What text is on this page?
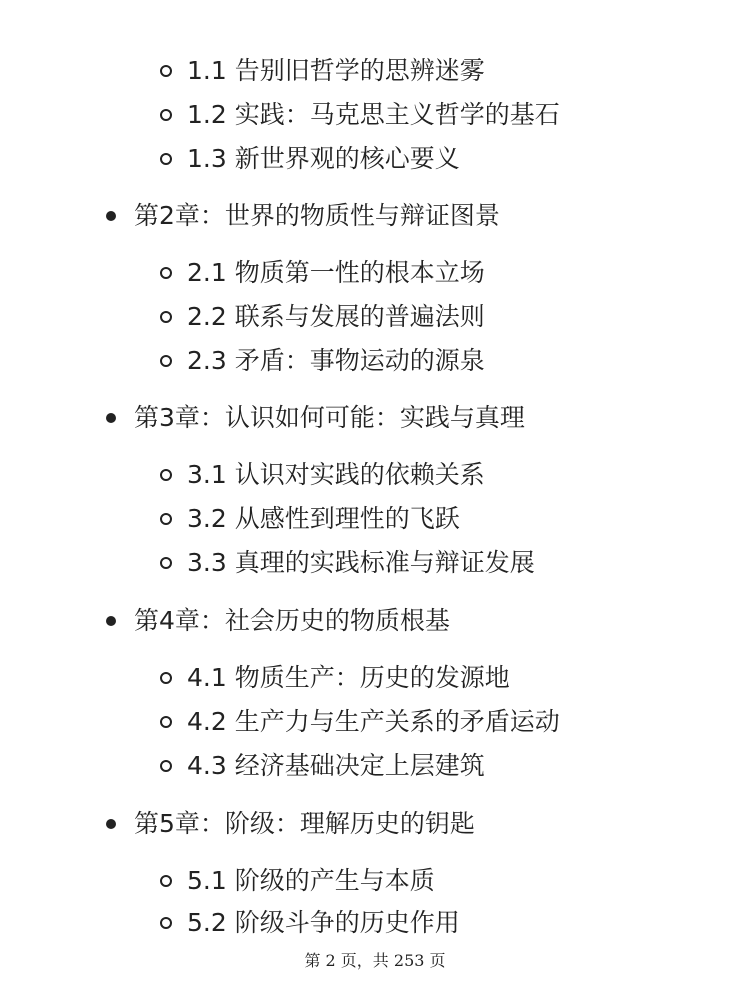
1.1 告别旧哲学的思辨迷雾
1.2 实践：马克思主义哲学的基石
1.3 新世界观的核心要义
第2章：世界的物质性与辩证图景
2.1 物质第一性的根本立场
2.2 联系与发展的普遍法则
2.3 矛盾：事物运动的源泉
第3章：认识如何可能：实践与真理
3.1 认识对实践的依赖关系
3.2 从感性到理性的飞跃
3.3 真理的实践标准与辩证发展
第4章：社会历史的物质根基
4.1 物质生产：历史的发源地
4.2 生产力与生产关系的矛盾运动
4.3 经济基础决定上层建筑
第5章：阶级：理解历史的钥匙
5.1 阶级的产生与本质
5.2 阶级斗争的历史作用
第 2 页，共 253 页
